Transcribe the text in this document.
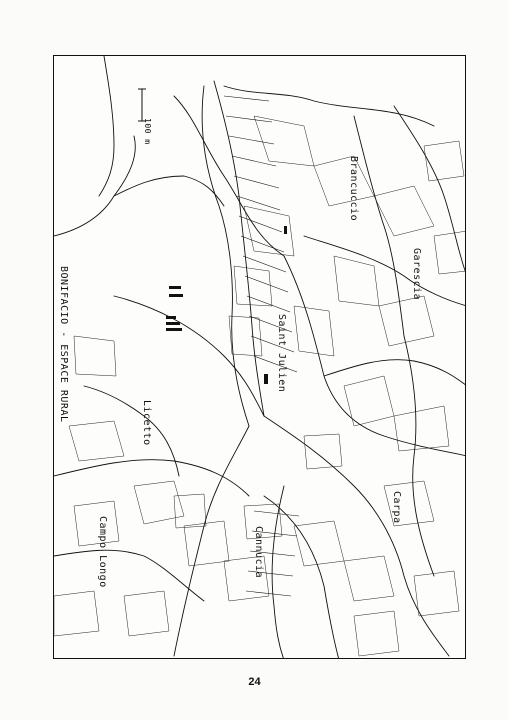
BONIFACIO - ESPACE RURAL
100 m
Saint Julien
Brancuccio
Garescia
Licetto
Campo Longo
Carpa
Cannucia
24
